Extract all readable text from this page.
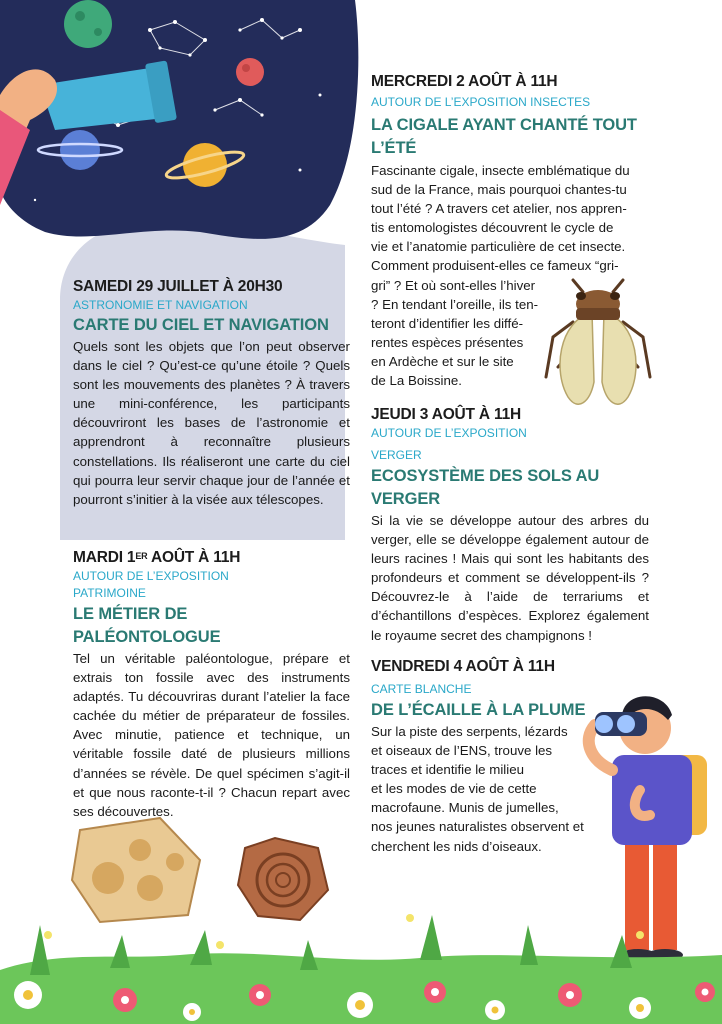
SAMEDI 29 JUILLET À 20H30
ASTRONOMIE ET NAVIGATION
CARTE DU CIEL ET NAVIGATION

Quels sont les objets que l’on peut observer dans le ciel ? Qu’est-ce qu’une étoile ? Quels sont les mouvements des planètes ? À travers une mini-conférence, les participants découvriront les bases de l’astronomie et apprendront à reconnaître plusieurs constellations. Ils réaliseront une carte du ciel qui pourra leur servir chaque jour de l’année et pourront s’initier à la visée aux télescopes.

MARDI 1ER AOÛT À 11H
AUTOUR DE L’EXPOSITION
PATRIMOINE
LE MÉTIER DE
PALÉONTOLOGUE

Tel un véritable paléontologue, prépare et extrais ton fossile avec des instruments adaptés. Tu découvriras durant l’atelier la face cachée du métier de préparateur de fossiles. Avec minutie, patience et technique, un véritable fossile daté de plusieurs millions d’années se révèle. De quel spécimen s’agit-il et que nous raconte-t-il ? Chacun repart avec ses découvertes.

MERCREDI 2 AOÛT À 11H
AUTOUR DE L’EXPOSITION INSECTES
LA CIGALE AYANT CHANTÉ TOUT
L’ÉTÉ
Fascinante cigale, insecte emblématique du
sud de la France, mais pourquoi chantes-tu
tout l’été ? A travers cet atelier, nos appren-
tis entomologistes découvrent le cycle de
vie et l’anatomie particulière de cet insecte.
Comment produisent-elles ce fameux “gri-
gri” ? Et où sont-elles l’hiver
? En tendant l’oreille, ils ten-
teront d’identifier les diffé-
rentes espèces présentes
en Ardèche et sur le site
de La Boissine.
JEUDI 3 AOÛT À 11H
AUTOUR DE L’EXPOSITION
VERGER
ECOSYSTÈME DES SOLS AU VERGER

Si la vie se développe autour des arbres du verger, elle se développe également autour de leurs racines ! Mais qui sont les habitants des profondeurs et comment se développent-ils ? Découvrez-le à l’aide de terrariums et d’échantillons d’espèces. Explorez également le royaume secret des champignons !

VENDREDI 4 AOÛT À 11H
CARTE BLANCHE
DE L’ÉCAILLE À LA PLUME
Sur la piste des serpents, lézards
et oiseaux de l’ENS, trouve les
traces et identifie le milieu
et les modes de vie de cette
macrofaune. Munis de jumelles,
nos jeunes naturalistes observent et
cherchent les nids d’oiseaux.
